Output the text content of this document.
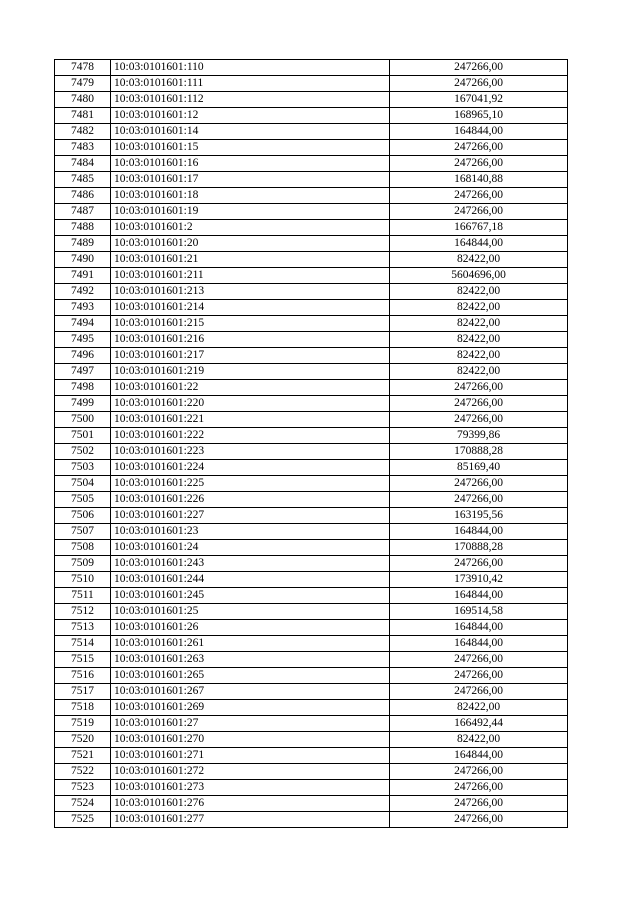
7478	10:03:0101601:110	247266,00
7479	10:03:0101601:111	247266,00
7480	10:03:0101601:112	167041,92
7481	10:03:0101601:12	168965,10
7482	10:03:0101601:14	164844,00
7483	10:03:0101601:15	247266,00
7484	10:03:0101601:16	247266,00
7485	10:03:0101601:17	168140,88
7486	10:03:0101601:18	247266,00
7487	10:03:0101601:19	247266,00
7488	10:03:0101601:2	166767,18
7489	10:03:0101601:20	164844,00
7490	10:03:0101601:21	82422,00
7491	10:03:0101601:211	5604696,00
7492	10:03:0101601:213	82422,00
7493	10:03:0101601:214	82422,00
7494	10:03:0101601:215	82422,00
7495	10:03:0101601:216	82422,00
7496	10:03:0101601:217	82422,00
7497	10:03:0101601:219	82422,00
7498	10:03:0101601:22	247266,00
7499	10:03:0101601:220	247266,00
7500	10:03:0101601:221	247266,00
7501	10:03:0101601:222	79399,86
7502	10:03:0101601:223	170888,28
7503	10:03:0101601:224	85169,40
7504	10:03:0101601:225	247266,00
7505	10:03:0101601:226	247266,00
7506	10:03:0101601:227	163195,56
7507	10:03:0101601:23	164844,00
7508	10:03:0101601:24	170888,28
7509	10:03:0101601:243	247266,00
7510	10:03:0101601:244	173910,42
7511	10:03:0101601:245	164844,00
7512	10:03:0101601:25	169514,58
7513	10:03:0101601:26	164844,00
7514	10:03:0101601:261	164844,00
7515	10:03:0101601:263	247266,00
7516	10:03:0101601:265	247266,00
7517	10:03:0101601:267	247266,00
7518	10:03:0101601:269	82422,00
7519	10:03:0101601:27	166492,44
7520	10:03:0101601:270	82422,00
7521	10:03:0101601:271	164844,00
7522	10:03:0101601:272	247266,00
7523	10:03:0101601:273	247266,00
7524	10:03:0101601:276	247266,00
7525	10:03:0101601:277	247266,00
